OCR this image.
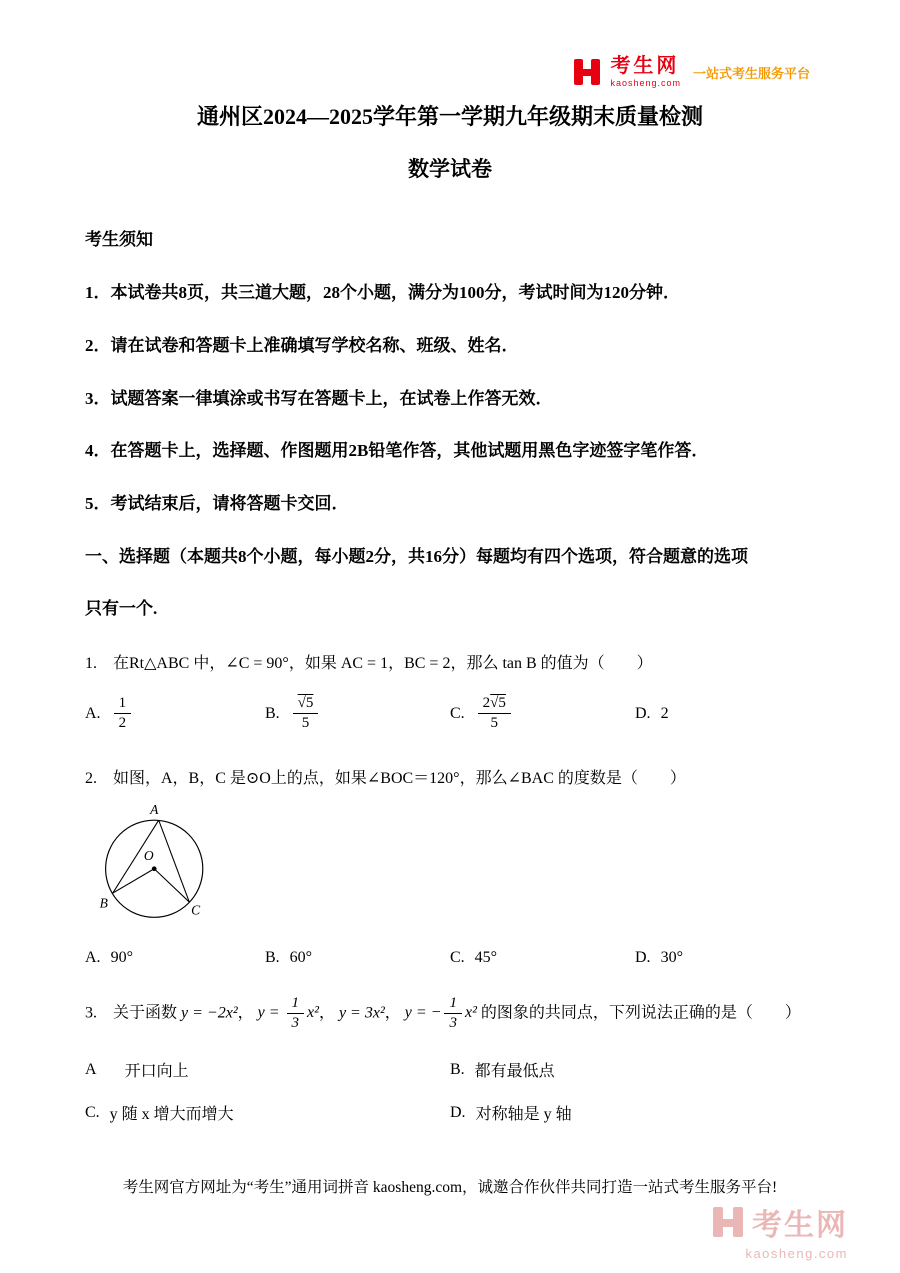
考生网
kaosheng.com
一站式考生服务平台
通州区2024—2025学年第一学期九年级期末质量检测
数学试卷

考生须知

1．本试卷共8页，共三道大题，28个小题，满分为100分，考试时间为120分钟．

2．请在试卷和答题卡上准确填写学校名称、班级、姓名．

3．试题答案一律填涂或书写在答题卡上，在试卷上作答无效．

4．在答题卡上，选择题、作图题用2B铅笔作答，其他试题用黑色字迹签字笔作答．

5．考试结束后，请将答题卡交回．

一、选择题（本题共8个小题，每小题2分，共16分）每题均有四个选项，符合题意的选项
只有一个.

1.　在Rt△ABC 中，∠C = 90°，如果 AC = 1，BC = 2，那么 tan B 的值为（　　）

A. $\frac{1}{2}$	B. $\frac{√5}{5}$	C. $\frac{2√5}{5}$	D. 2

2.　如图，A，B，C 是⊙O上的点，如果∠BOC＝120°，那么∠BAC 的度数是（　　）

A
O
B	C
A. 90°	B. 60°	C. 45°	D. 30°

3.　关于函数 y = −2x²， $y = \frac{1}{3} x^2$， y = 3x²， y = − $\frac{1}{3} x^2$ 的图象的共同点，下列说法正确的是（　　）

A 开口向上	B. 都有最低点
C. y 随 x 增大而增大	D. 对称轴是 y 轴

考生网官方网址为“考生”通用词拼音 kaosheng.com，诚邀合作伙伴共同打造一站式考生服务平台!

考生网
kaosheng.com
